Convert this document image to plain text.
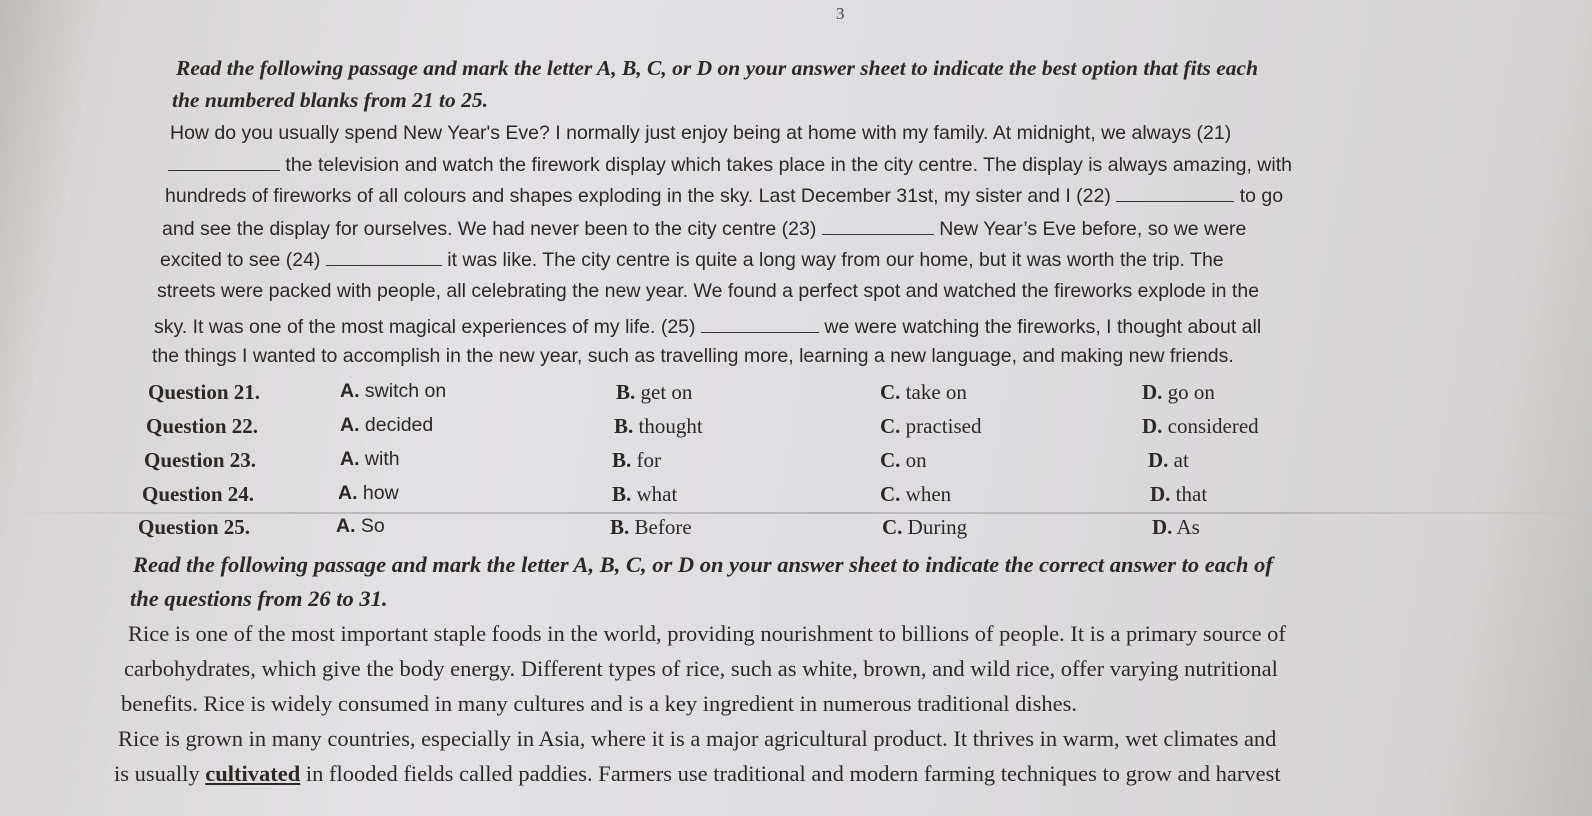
3
Read the following passage and mark the letter A, B, C, or D on your answer sheet to indicate the best option that fits each
the numbered blanks from 21 to 25.
How do you usually spend New Year's Eve? I normally just enjoy being at home with my family. At midnight, we always (21)
the television and watch the firework display which takes place in the city centre. The display is always amazing, with
hundreds of fireworks of all colours and shapes exploding in the sky. Last December 31st, my sister and I (22)	to go
and see the display for ourselves. We had never been to the city centre (23)	New Year’s Eve before, so we were
excited to see (24)	it was like. The city centre is quite a long way from our home, but it was worth the trip. The
streets were packed with people, all celebrating the new year. We found a perfect spot and watched the fireworks explode in the
sky. It was one of the most magical experiences of my life. (25)	we were watching the fireworks, I thought about all
the things I wanted to accomplish in the new year, such as travelling more, learning a new language, and making new friends.
Question 21.	A. switch on	B. get on	C. take on	D. go on
Question 22.	A. decided	B. thought	C. practised	D. considered
Question 23.	A. with	B. for	C. on	D. at
Question 24.	A. how	B. what	C. when	D. that
Question 25.	A. So	B. Before	C. During	D. As
Read the following passage and mark the letter A, B, C, or D on your answer sheet to indicate the correct answer to each of
the questions from 26 to 31.
Rice is one of the most important staple foods in the world, providing nourishment to billions of people. It is a primary source of
carbohydrates, which give the body energy. Different types of rice, such as white, brown, and wild rice, offer varying nutritional
benefits. Rice is widely consumed in many cultures and is a key ingredient in numerous traditional dishes.
Rice is grown in many countries, especially in Asia, where it is a major agricultural product. It thrives in warm, wet climates and
is usually cultivated in flooded fields called paddies. Farmers use traditional and modern farming techniques to grow and harvest
